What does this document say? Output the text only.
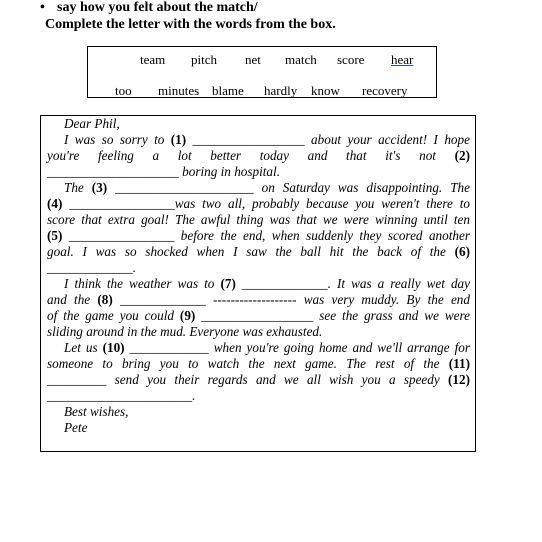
• say how you felt about the match/
Complete the letter with the words from the box.
team pitch net match score hear
too minutes blame hardly know recovery
Dear Phil,
I was so sorry to (1) _________________ about your accident! I hope
you're feeling a lot better today and that it's not (2)
____________________ boring in hospital.
The (3) _____________________ on Saturday was disappointing. The
(4) ________________was two all, probably because you weren't there to
score that extra goal! The awful thing was that we were winning until ten
(5) ________________ before the end, when suddenly they scored another
goal. I was so shocked when I saw the ball hit the back of the (6)
_____________.
I think the weather was to (7) _____________. It was a really wet day
and the (8) _____________ ------------------- was very muddy. By the end
of the game you could (9) _________________ see the grass and we were
sliding around in the mud. Everyone was exhausted.
Let us (10) ____________ when you're going home and we'll arrange for
someone to bring you to watch the next game. The rest of the (11)
_________ send you their regards and we all wish you a speedy (12)
______________________.
Best wishes,
Pete
